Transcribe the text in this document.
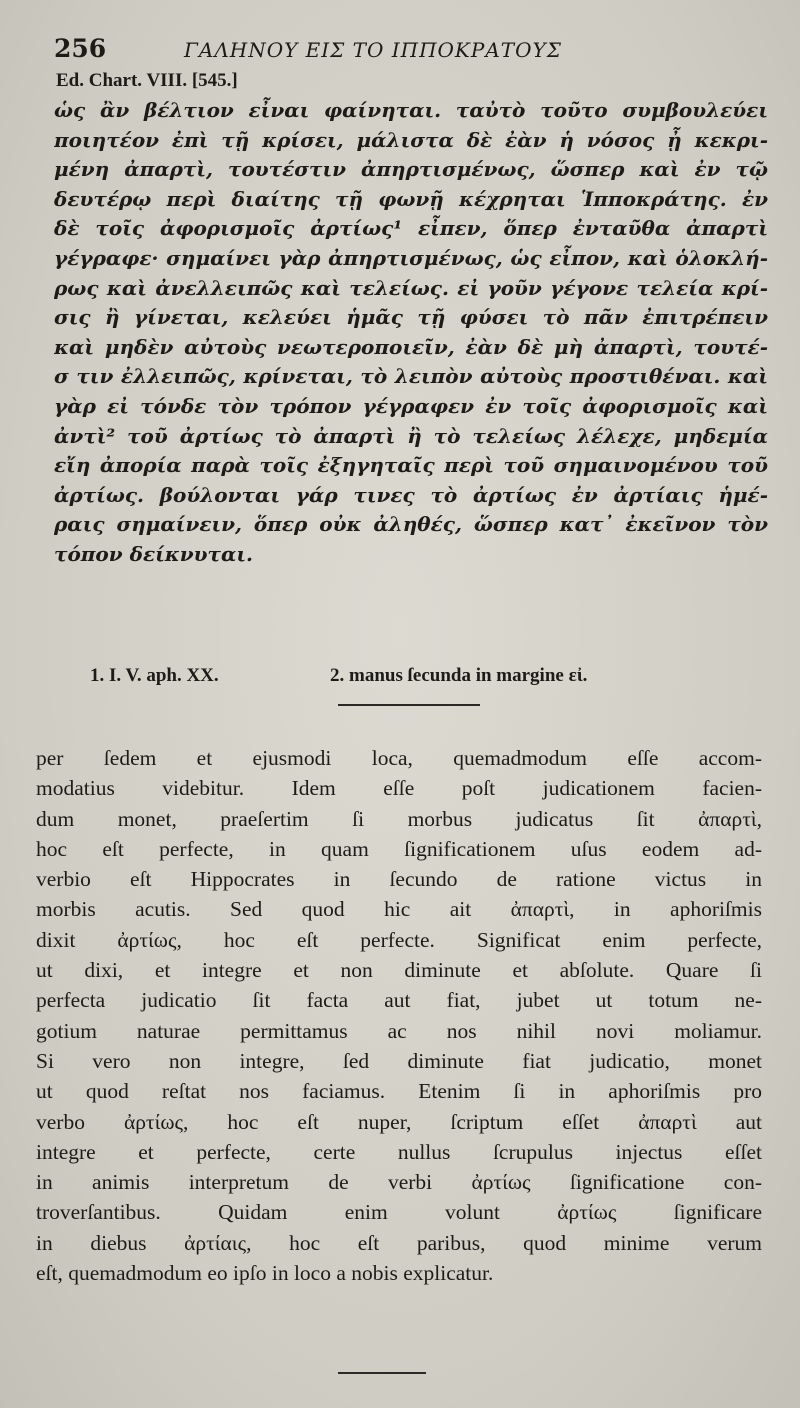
256	ΓΑΛΗΝΟΥ ΕΙΣ ΤΟ ΙΠΠΟΚΡΑΤΟΥΣ
Ed. Chart. VIII. [545.]
ὡς ἂν βέλτιον εἶναι φαίνηται. ταὐτὸ τοῦτο συμβουλεύει
ποιητέον ἐπὶ τῇ κρίσει, μάλιστα δὲ ἐὰν ἡ νόσος ᾖ κεκρι-
μένη ἀπαρτὶ, τουτέστιν ἀπηρτισμένως, ὥσπερ καὶ ἐν τῷ
δευτέρῳ περὶ διαίτης τῇ φωνῇ κέχρηται Ἱπποκράτης. ἐν
δὲ τοῖς ἀφορισμοῖς ἀρτίως¹ εἶπεν, ὅπερ ἐνταῦθα ἀπαρτὶ
γέγραφε· σημαίνει γὰρ ἀπηρτισμένως, ὡς εἶπον, καὶ ὁλοκλή-
ρως καὶ ἀνελλειπῶς καὶ τελείως. εἰ γοῦν γέγονε τελεία κρί-
σις ἢ γίνεται, κελεύει ἡμᾶς τῇ φύσει τὸ πᾶν ἐπιτρέπειν
καὶ μηδὲν αὐτοὺς νεωτεροποιεῖν, ἐὰν δὲ μὴ ἀπαρτὶ, τουτέ-
σ τιν ἐλλειπῶς, κρίνεται, τὸ λειπὸν αὐτοὺς προστιθέναι. καὶ
γὰρ εἰ τόνδε τὸν τρόπον γέγραφεν ἐν τοῖς ἀφορισμοῖς καὶ
ἀντὶ² τοῦ ἀρτίως τὸ ἀπαρτὶ ἢ τὸ τελείως λέλεχε, μηδεμία
εἴη ἀπορία παρὰ τοῖς ἐξηγηταῖς περὶ τοῦ σημαινομένου τοῦ
ἀρτίως. βούλονται γάρ τινες τὸ ἀρτίως ἐν ἀρτίαις ἡμέ-
ραις σημαίνειν, ὅπερ οὐκ ἀληθές, ὥσπερ κατ᾽ ἐκεῖνον τὸν
τόπον δείκνυται.
1. I. V. aph. XX.	2. manus ſecunda in margine εἰ.
per ſedem et ejusmodi loca, quemadmodum eſſe accom-
modatius videbitur. Idem eſſe poſt judicationem facien-
dum monet, praeſertim ſi morbus judicatus ſit ἀπαρτὶ,
hoc eſt perfecte, in quam ſignificationem uſus eodem ad-
verbio eſt Hippocrates in ſecundo de ratione victus in
morbis acutis. Sed quod hic ait ἀπαρτὶ, in aphoriſmis
dixit ἀρτίως, hoc eſt perfecte. Significat enim perfecte,
ut dixi, et integre et non diminute et abſolute. Quare ſi
perfecta judicatio ſit facta aut fiat, jubet ut totum ne-
gotium naturae permittamus ac nos nihil novi moliamur.
Si vero non integre, ſed diminute fiat judicatio, monet
ut quod reſtat nos faciamus. Etenim ſi in aphoriſmis pro
verbo ἀρτίως, hoc eſt nuper, ſcriptum eſſet ἀπαρτὶ aut
integre et perfecte, certe nullus ſcrupulus injectus eſſet
in animis interpretum de verbi ἀρτίως ſignificatione con-
troverſantibus. Quidam enim volunt ἀρτίως ſignificare
in diebus ἀρτίαις, hoc eſt paribus, quod minime verum
eſt, quemadmodum eo ipſo in loco a nobis explicatur.
